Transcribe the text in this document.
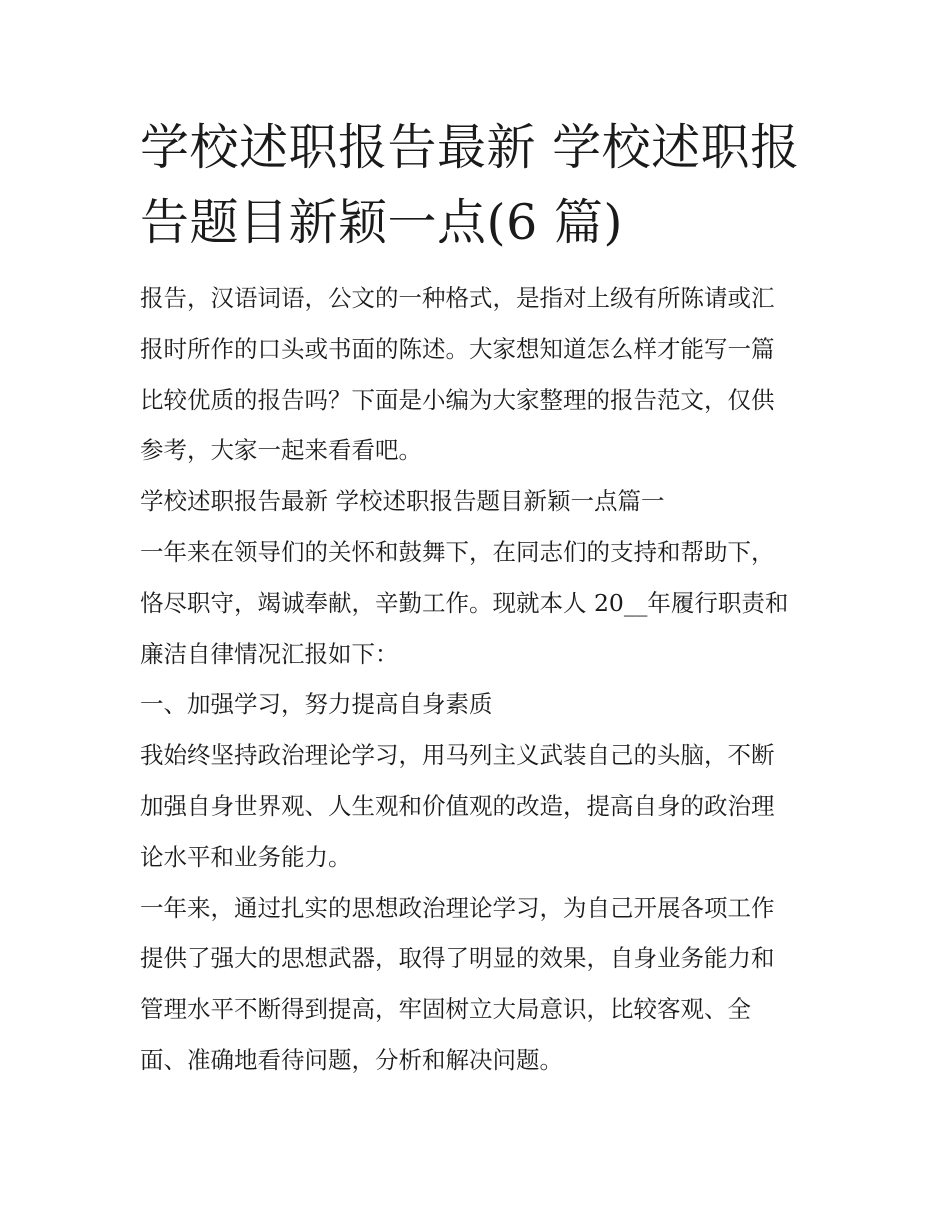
学校述职报告最新 学校述职报
告题目新颖一点(6 篇)
报告，汉语词语，公文的一种格式，是指对上级有所陈请或汇
报时所作的口头或书面的陈述。大家想知道怎么样才能写一篇
比较优质的报告吗？下面是小编为大家整理的报告范文，仅供
参考，大家一起来看看吧。
学校述职报告最新 学校述职报告题目新颖一点篇一
一年来在领导们的关怀和鼓舞下，在同志们的支持和帮助下，
恪尽职守，竭诚奉献，辛勤工作。现就本人 20__年履行职责和
廉洁自律情况汇报如下：
一、加强学习，努力提高自身素质
我始终坚持政治理论学习，用马列主义武装自己的头脑，不断
加强自身世界观、人生观和价值观的改造，提高自身的政治理
论水平和业务能力。
一年来，通过扎实的思想政治理论学习，为自己开展各项工作
提供了强大的思想武器，取得了明显的效果，自身业务能力和
管理水平不断得到提高，牢固树立大局意识，比较客观、全
面、准确地看待问题，分析和解决问题。
